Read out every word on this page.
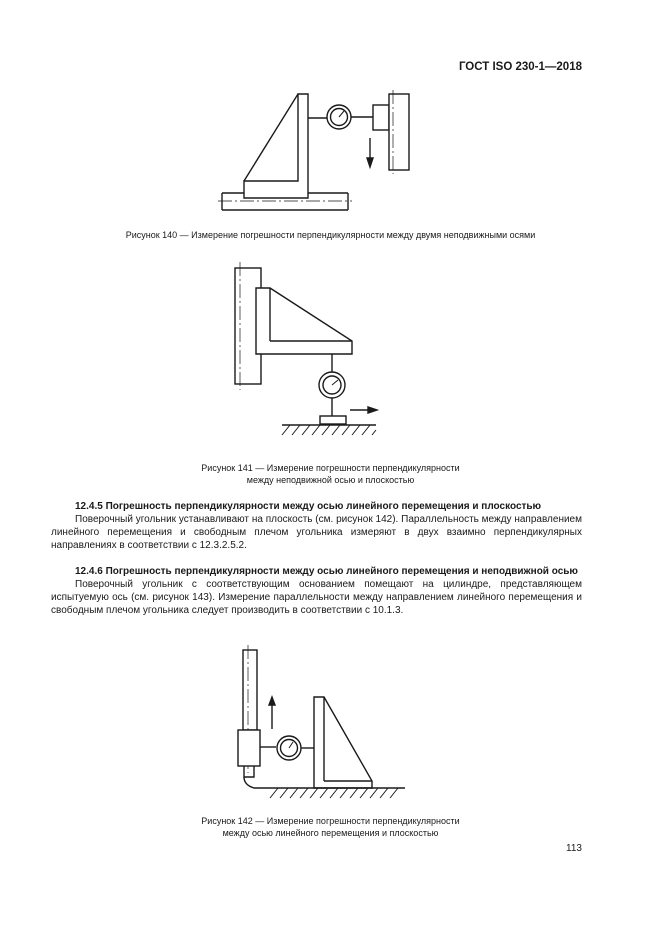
ГОСТ ISO 230-1—2018
Рисунок 140 — Измерение погрешности перпендикулярности между двумя неподвижными осями
Рисунок 141 — Измерение погрешности перпендикулярности
между неподвижной осью и плоскостью

12.4.5 Погрешность перпендикулярности между осью линейного перемещения и плоскостью

Поверочный угольник устанавливают на плоскость (см. рисунок 142). Параллельность между направлением линейного перемещения и свободным плечом угольника измеряют в двух взаимно перпендикулярных направлениях в соответствии с 12.3.2.5.2.

12.4.6 Погрешность перпендикулярности между осью линейного перемещения и неподвижной осью

Поверочный угольник с соответствующим основанием помещают на цилиндре, представляющем испытуемую ось (см. рисунок 143). Измерение параллельности между направлением линейного перемещения и свободным плечом угольника следует производить в соответствии с 10.1.3.

Рисунок 142 — Измерение погрешности перпендикулярности
между осью линейного перемещения и плоскостью
113
